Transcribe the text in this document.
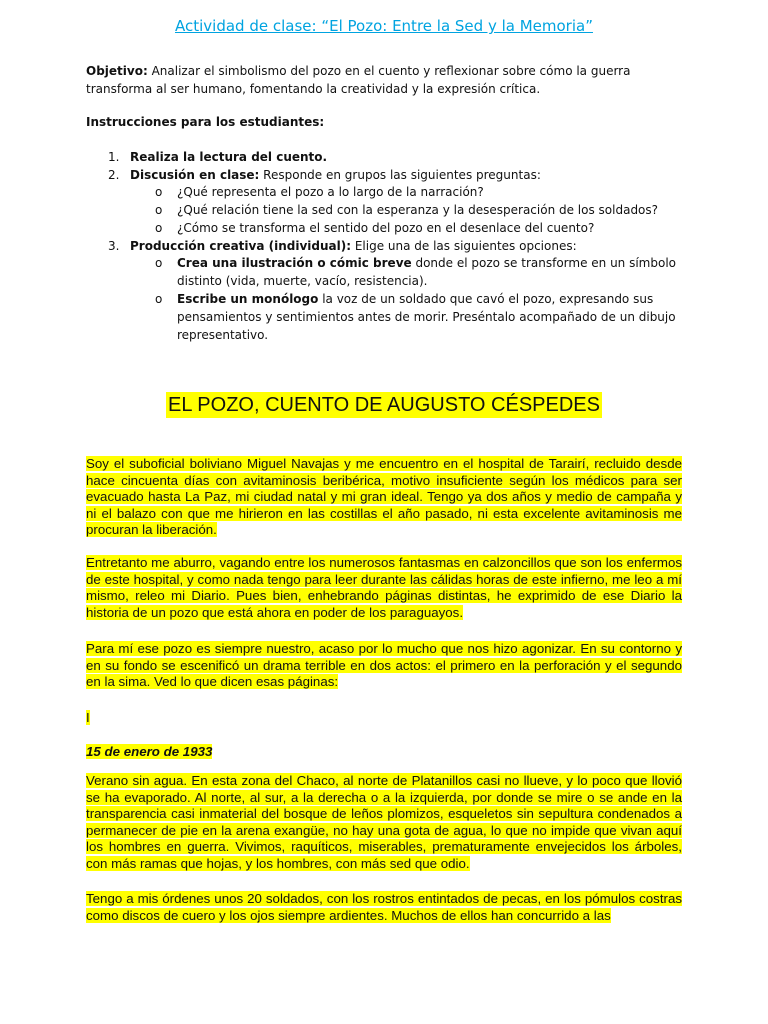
Actividad de clase: “El Pozo: Entre la Sed y la Memoria”
Objetivo: Analizar el simbolismo del pozo en el cuento y reflexionar sobre cómo la guerra transforma al ser humano, fomentando la creatividad y la expresión crítica.
Instrucciones para los estudiantes:
1. Realiza la lectura del cuento.
2. Discusión en clase: Responde en grupos las siguientes preguntas:
o ¿Qué representa el pozo a lo largo de la narración?
o ¿Qué relación tiene la sed con la esperanza y la desesperación de los soldados?
o ¿Cómo se transforma el sentido del pozo en el desenlace del cuento?
3. Producción creativa (individual): Elige una de las siguientes opciones:
o Crea una ilustración o cómic breve donde el pozo se transforme en un símbolo distinto (vida, muerte, vacío, resistencia).
o Escribe un monólogo la voz de un soldado que cavó el pozo, expresando sus pensamientos y sentimientos antes de morir. Preséntalo acompañado de un dibujo representativo.
EL POZO, CUENTO DE AUGUSTO CÉSPEDES
Soy el suboficial boliviano Miguel Navajas y me encuentro en el hospital de Tarairí, recluido desde hace cincuenta días con avitaminosis beribérica, motivo insuficiente según los médicos para ser evacuado hasta La Paz, mi ciudad natal y mi gran ideal. Tengo ya dos años y medio de campaña y ni el balazo con que me hirieron en las costillas el año pasado, ni esta excelente avitaminosis me procuran la liberación.
Entretanto me aburro, vagando entre los numerosos fantasmas en calzoncillos que son los enfermos de este hospital, y como nada tengo para leer durante las cálidas horas de este infierno, me leo a mí mismo, releo mi Diario. Pues bien, enhebrando páginas distintas, he exprimido de ese Diario la historia de un pozo que está ahora en poder de los paraguayos.
Para mí ese pozo es siempre nuestro, acaso por lo mucho que nos hizo agonizar. En su contorno y en su fondo se escenificó un drama terrible en dos actos: el primero en la perforación y el segundo en la sima. Ved lo que dicen esas páginas:
I
15 de enero de 1933
Verano sin agua. En esta zona del Chaco, al norte de Platanillos casi no llueve, y lo poco que llovió se ha evaporado. Al norte, al sur, a la derecha o a la izquierda, por donde se mire o se ande en la transparencia casi inmaterial del bosque de leños plomizos, esqueletos sin sepultura condenados a permanecer de pie en la arena exangüe, no hay una gota de agua, lo que no impide que vivan aquí los hombres en guerra. Vivimos, raquíticos, miserables, prematuramente envejecidos los árboles, con más ramas que hojas, y los hombres, con más sed que odio.
Tengo a mis órdenes unos 20 soldados, con los rostros entintados de pecas, en los pómulos costras como discos de cuero y los ojos siempre ardientes. Muchos de ellos han concurrido a las
